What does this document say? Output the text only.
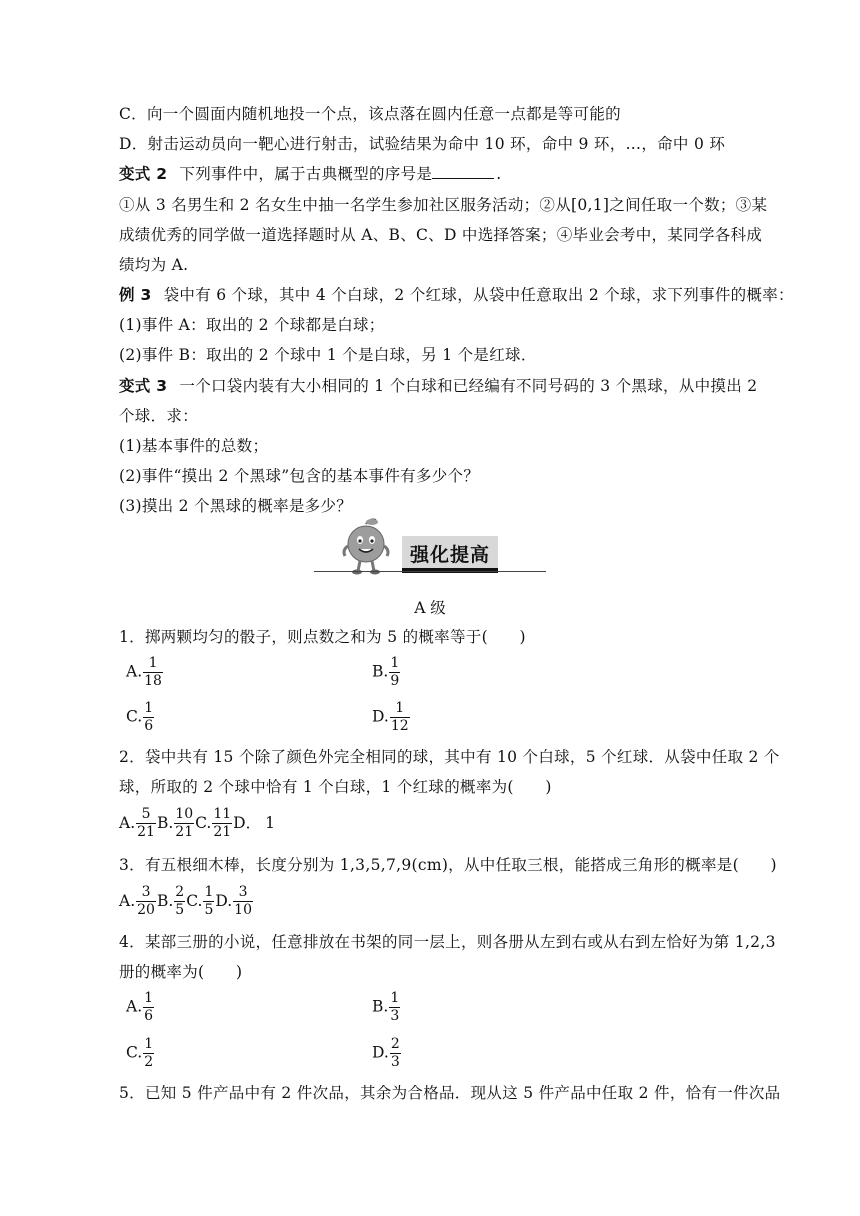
C．向一个圆面内随机地投一个点，该点落在圆内任意一点都是等可能的
D．射击运动员向一靶心进行射击，试验结果为命中 10 环，命中 9 环，…，命中 0 环
变式 2 下列事件中，属于古典概型的序号是	.
①从 3 名男生和 2 名女生中抽一名学生参加社区服务活动；②从[0,1]之间任取一个数；③某
成绩优秀的同学做一道选择题时从 A、B、C、D 中选择答案；④毕业会考中，某同学各科成
绩均为 A.
例 3 袋中有 6 个球，其中 4 个白球，2 个红球，从袋中任意取出 2 个球，求下列事件的概率：
(1)事件 A：取出的 2 个球都是白球；
(2)事件 B：取出的 2 个球中 1 个是白球，另 1 个是红球．
变式 3 一个口袋内装有大小相同的 1 个白球和已经编有不同号码的 3 个黑球，从中摸出 2
个球．求：
(1)基本事件的总数；
(2)事件“摸出 2 个黑球”包含的基本事件有多少个？
(3)摸出 2 个黑球的概率是多少？
强化提高
A 级
1．掷两颗均匀的骰子，则点数之和为 5 的概率等于(　　)
A. $\frac{1}{18}$	B. $\frac{1}{9}$
C. $\frac{1}{6}$	D. $\frac{1}{12}$
2．袋中共有 15 个除了颜色外完全相同的球，其中有 10 个白球，5 个红球．从袋中任取 2 个
球，所取的 2 个球中恰有 1 个白球，1 个红球的概率为(　　)
A. $\frac{5}{21} B$. $\frac{10}{21} C$. $\frac{11}{21}$ D． 1
3．有五根细木棒，长度分别为 1,3,5,7,9(cm)，从中任取三根，能搭成三角形的概率是(　　)
A. $\frac{3}{20} B$. $\frac{2}{5} C$. $\frac{1}{5} D$. $\frac{3}{10}$
4．某部三册的小说，任意排放在书架的同一层上，则各册从左到右或从右到左恰好为第 1,2,3
册的概率为(　　)
A. $\frac{1}{6}$	B. $\frac{1}{3}$
C. $\frac{1}{2}$	D. $\frac{2}{3}$
5．已知 5 件产品中有 2 件次品，其余为合格品．现从这 5 件产品中任取 2 件，恰有一件次品
